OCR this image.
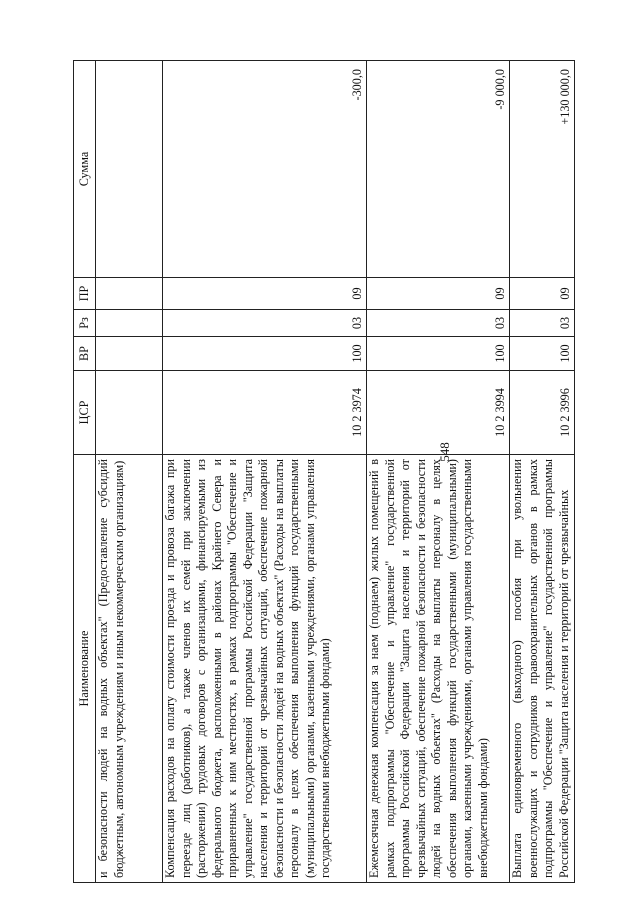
548
Наименование	ЦСР	ВР	Рз	ПР	Сумма
и безопасности людей на водных объектах" (Предоставление субсидий бюджетным, автономным учреждениям и иным некоммерческим организациям)					
Компенсация расходов на оплату стоимости проезда и провоза багажа при переезде лиц (работников), а также членов их семей при заключении (расторжении) трудовых договоров с организациями, финансируемыми из федерального бюджета, расположенными в районах Крайнего Севера и приравненных к ним местностях, в рамках подпрограммы "Обеспечение и управление" государственной программы Российской Федерации "Защита населения и территорий от чрезвычайных ситуаций, обеспечение пожарной безопасности и безопасности людей на водных объектах" (Расходы на выплаты персоналу в целях обеспечения выполнения функций государственными (муниципальными) органами, казенными учреждениями, органами управления государственными внебюджетными фондами)	10 2 3974	100	03	09	-300,0
Ежемесячная денежная компенсация за наем (поднаем) жилых помещений в рамках подпрограммы "Обеспечение и управление" государственной программы Российской Федерации "Защита населения и территорий от чрезвычайных ситуаций, обеспечение пожарной безопасности и безопасности людей на водных объектах" (Расходы на выплаты персоналу в целях обеспечения выполнения функций государственными (муниципальными) органами, казенными учреждениями, органами управления государственными внебюджетными фондами)	10 2 3994	100	03	09	-9 000,0
Выплата единовременного (выходного) пособия при увольнении военнослужащих и сотрудников правоохранительных органов в рамках подпрограммы "Обеспечение и управление" государственной программы Российской Федерации "Защита населения и территорий от чрезвычайных	10 2 3996	100	03	09	+130 000,0
